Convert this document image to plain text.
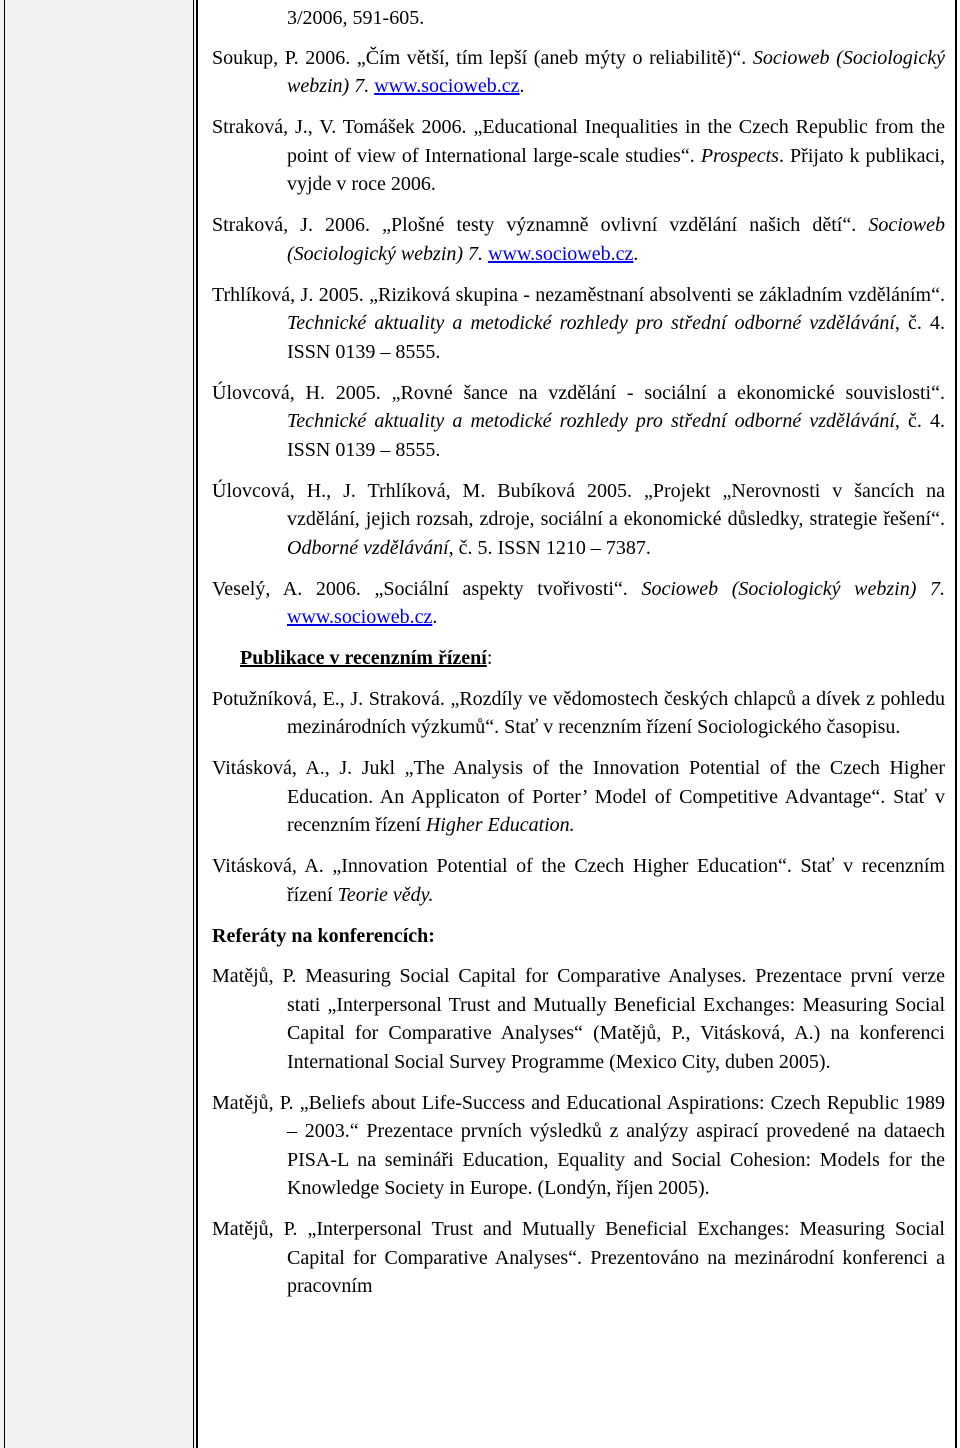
3/2006, 591-605.

Soukup, P. 2006. „Čím větší, tím lepší (aneb mýty o reliabilitě)“. Socioweb (Sociologický webzin) 7. www.socioweb.cz.

Straková, J., V. Tomášek 2006. „Educational Inequalities in the Czech Republic from the point of view of International large-scale studies“. Prospects. Přijato k publikaci, vyjde v roce 2006.

Straková, J. 2006. „Plošné testy významně ovlivní vzdělání našich dětí“. Socioweb (Sociologický webzin) 7. www.socioweb.cz.

Trhlíková, J. 2005. „Riziková skupina - nezaměstnaní absolventi se základním vzděláním“. Technické aktuality a metodické rozhledy pro střední odborné vzdělávání, č. 4. ISSN 0139 – 8555.

Úlovcová, H. 2005. „Rovné šance na vzdělání - sociální a ekonomické souvislosti“. Technické aktuality a metodické rozhledy pro střední odborné vzdělávání, č. 4. ISSN 0139 – 8555.

Úlovcová, H., J. Trhlíková, M. Bubíková 2005. „Projekt „Nerovnosti v šancích na vzdělání, jejich rozsah, zdroje, sociální a ekonomické důsledky, strategie řešení“. Odborné vzdělávání, č. 5. ISSN 1210 – 7387.

Veselý, A. 2006. „Sociální aspekty tvořivosti“. Socioweb (Sociologický webzin) 7. www.socioweb.cz.

Publikace v recenzním řízení:

Potužníková, E., J. Straková. „Rozdíly ve vědomostech českých chlapců a dívek z pohledu mezinárodních výzkumů“. Stať v recenzním řízení Sociologického časopisu.

Vitásková, A., J. Jukl „The Analysis of the Innovation Potential of the Czech Higher Education. An Applicaton of Porter’ Model of Competitive Advantage“. Stať v recenzním řízení Higher Education.

Vitásková, A. „Innovation Potential of the Czech Higher Education“. Stať v recenzním řízení Teorie vědy.

Referáty na konferencích:

Matějů, P. Measuring Social Capital for Comparative Analyses. Prezentace první verze stati „Interpersonal Trust and Mutually Beneficial Exchanges: Measuring Social Capital for Comparative Analyses“ (Matějů, P., Vitásková, A.) na konferenci International Social Survey Programme (Mexico City, duben 2005).

Matějů, P. „Beliefs about Life-Success and Educational Aspirations: Czech Republic 1989 – 2003.“ Prezentace prvních výsledků z analýzy aspirací provedené na dataech PISA-L na semináři Education, Equality and Social Cohesion: Models for the Knowledge Society in Europe. (Londýn, říjen 2005).

Matějů, P. „Interpersonal Trust and Mutually Beneficial Exchanges: Measuring Social Capital for Comparative Analyses“. Prezentováno na mezinárodní konferenci a pracovním
